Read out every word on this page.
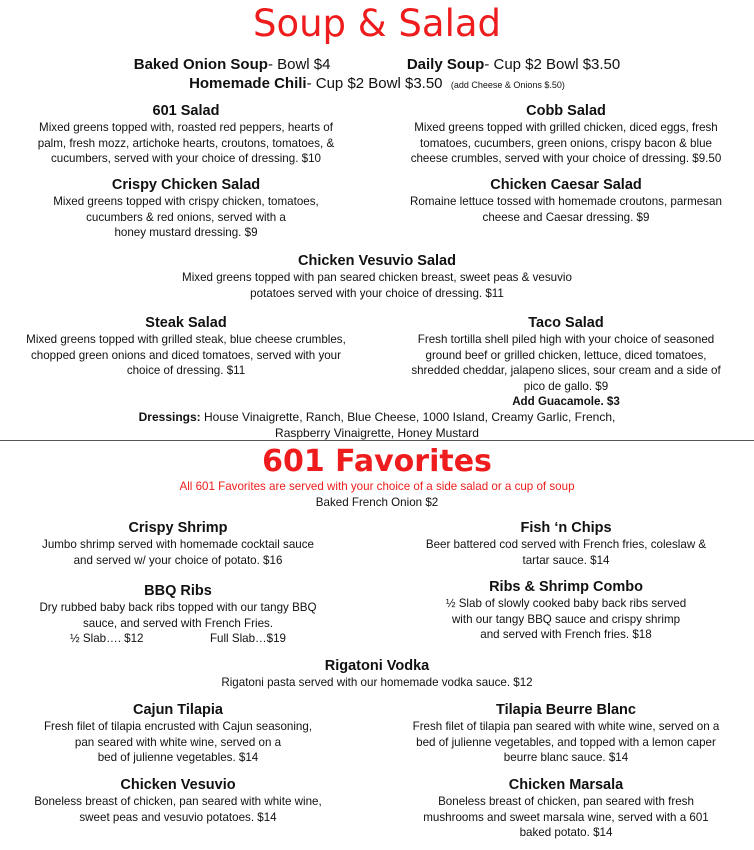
Soup & Salad
Baked Onion Soup- Bowl $4	Daily Soup- Cup $2 Bowl $3.50
Homemade Chili- Cup $2 Bowl $3.50 (add Cheese & Onions $.50)
601 Salad

Mixed greens topped with, roasted red peppers, hearts of

palm, fresh mozz, artichoke hearts, croutons, tomatoes, &

cucumbers, served with your choice of dressing. $10

Cobb Salad

Mixed greens topped with grilled chicken, diced eggs, fresh

tomatoes, cucumbers, green onions, crispy bacon & blue

cheese crumbles, served with your choice of dressing. $9.50

Crispy Chicken Salad

Mixed greens topped with crispy chicken, tomatoes,

cucumbers & red onions, served with a

honey mustard dressing. $9

Chicken Caesar Salad

Romaine lettuce tossed with homemade croutons, parmesan

cheese and Caesar dressing. $9

Chicken Vesuvio Salad

Mixed greens topped with pan seared chicken breast, sweet peas & vesuvio

potatoes served with your choice of dressing. $11

Steak Salad

Mixed greens topped with grilled steak, blue cheese crumbles,

chopped green onions and diced tomatoes, served with your

choice of dressing. $11

Taco Salad

Fresh tortilla shell piled high with your choice of seasoned

ground beef or grilled chicken, lettuce, diced tomatoes,

shredded cheddar, jalapeno slices, sour cream and a side of

pico de gallo. $9

Add Guacamole. $3

Dressings: House Vinaigrette, Ranch, Blue Cheese, 1000 Island, Creamy Garlic, French,

Raspberry Vinaigrette, Honey Mustard

601 Favorites

All 601 Favorites are served with your choice of a side salad or a cup of soup

Baked French Onion $2

Crispy Shrimp

Jumbo shrimp served with homemade cocktail sauce

and served w/ your choice of potato. $16

Fish ‘n Chips

Beer battered cod served with French fries, coleslaw &

tartar sauce. $14

BBQ Ribs

Dry rubbed baby back ribs topped with our tangy BBQ

sauce, and served with French Fries.

½ Slab…. $12	Full Slab…$19

Ribs & Shrimp Combo

½ Slab of slowly cooked baby back ribs served

with our tangy BBQ sauce and crispy shrimp

and served with French fries. $18

Rigatoni Vodka

Rigatoni pasta served with our homemade vodka sauce. $12

Cajun Tilapia

Fresh filet of tilapia encrusted with Cajun seasoning,

pan seared with white wine, served on a

bed of julienne vegetables. $14

Tilapia Beurre Blanc

Fresh filet of tilapia pan seared with white wine, served on a

bed of julienne vegetables, and topped with a lemon caper

beurre blanc sauce. $14

Chicken Vesuvio

Boneless breast of chicken, pan seared with white wine,

sweet peas and vesuvio potatoes. $14

Chicken Marsala

Boneless breast of chicken, pan seared with fresh

mushrooms and sweet marsala wine, served with a 601

baked potato. $14
